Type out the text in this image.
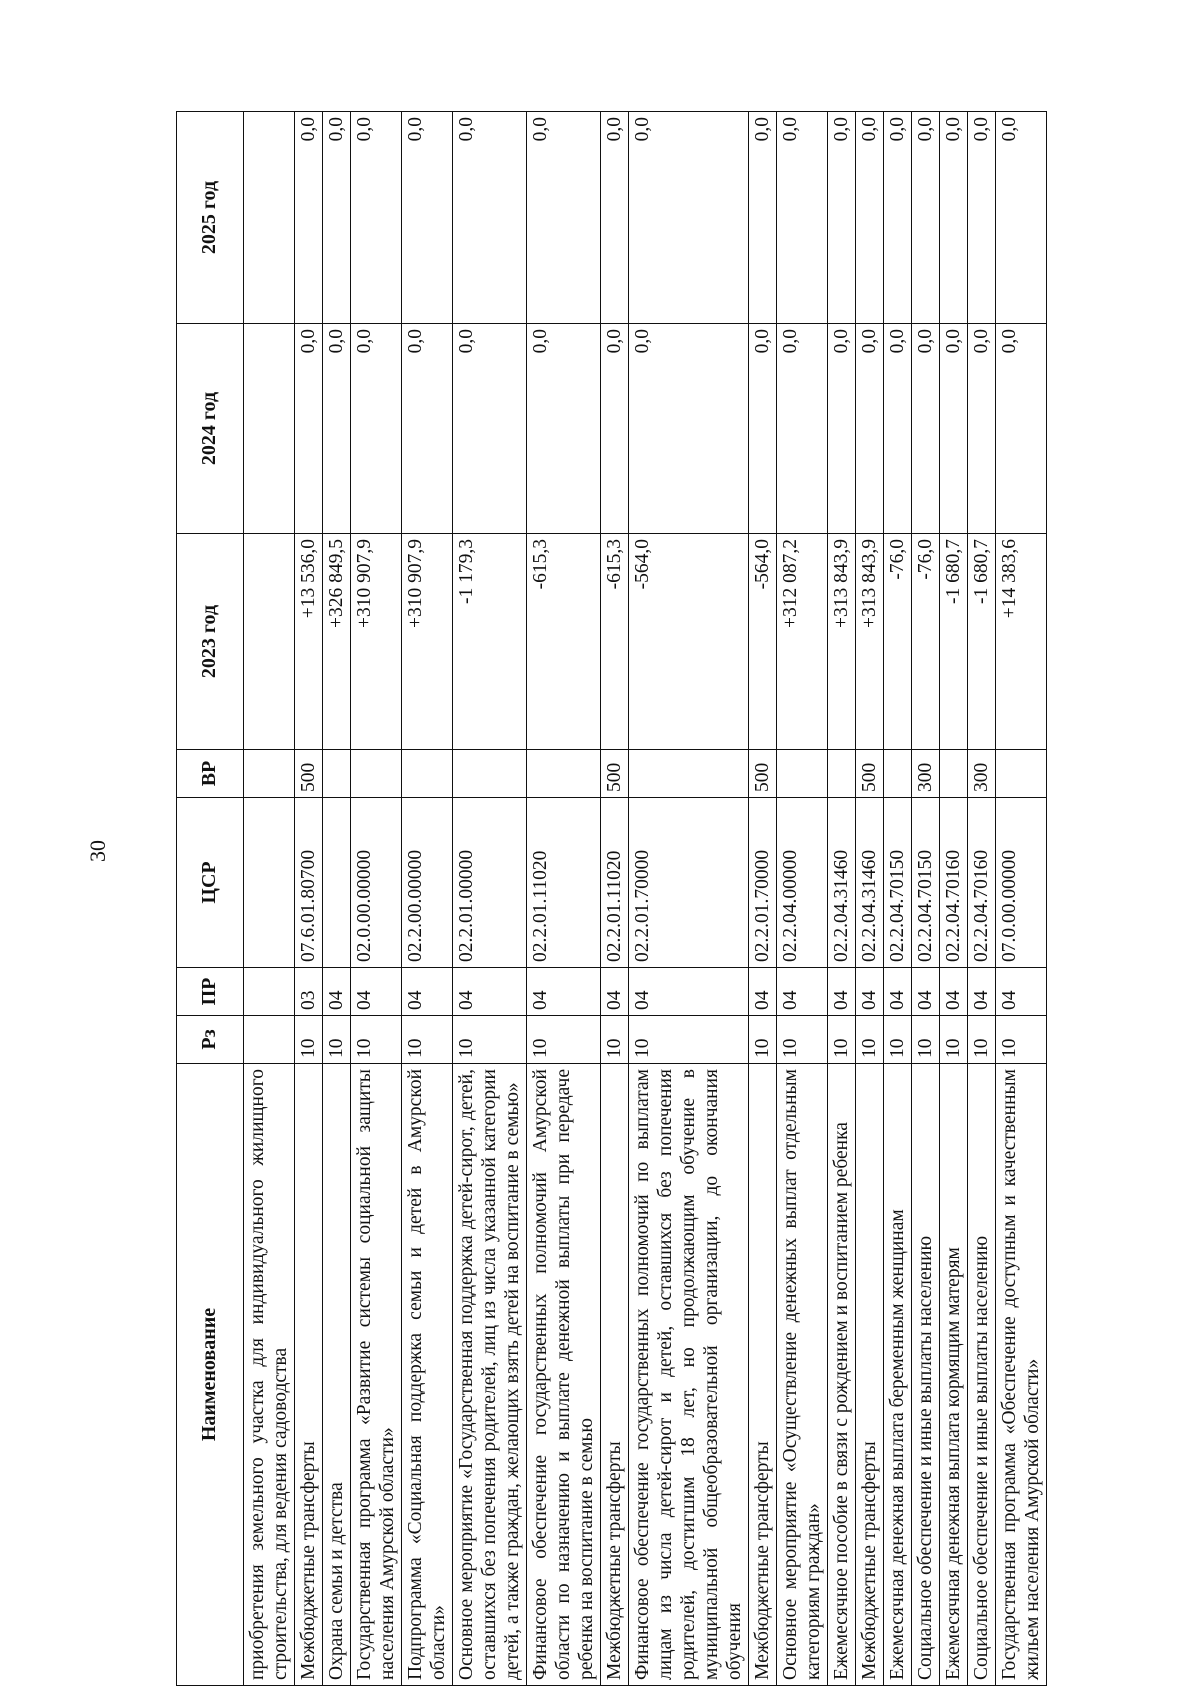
30
Наименование	Рз	ПР	ЦСР	ВР	2023 год	2024 год	2025 год
приобретения земельного участка для индивидуального жилищного строительства, для ведения садоводства							
Межбюджетные трансферты	10	03	07.6.01.80700	500	+13 536,0	0,0	0,0
Охрана семьи и детства	10	04			+326 849,5	0,0	0,0
Государственная программа «Развитие системы социальной защиты населения Амурской области»	10	04	02.0.00.00000		+310 907,9	0,0	0,0
Подпрограмма «Социальная поддержка семьи и детей в Амурской области»	10	04	02.2.00.00000		+310 907,9	0,0	0,0
Основное мероприятие «Государственная поддержка детей-сирот, детей, оставшихся без попечения родителей, лиц из числа указанной категории детей, а также граждан, желающих взять детей на воспитание в семью»	10	04	02.2.01.00000		-1 179,3	0,0	0,0
Финансовое обеспечение государственных полномочий Амурской области по назначению и выплате денежной выплаты при передаче ребенка на воспитание в семью	10	04	02.2.01.11020		-615,3	0,0	0,0
Межбюджетные трансферты	10	04	02.2.01.11020	500	-615,3	0,0	0,0
Финансовое обеспечение государственных полномочий по выплатам лицам из числа детей-сирот и детей, оставшихся без попечения родителей, достигшим 18 лет, но продолжающим обучение в муниципальной общеобразовательной организации, до окончания обучения	10	04	02.2.01.70000		-564,0	0,0	0,0
Межбюджетные трансферты	10	04	02.2.01.70000	500	-564,0	0,0	0,0
Основное мероприятие «Осуществление денежных выплат отдельным категориям граждан»	10	04	02.2.04.00000		+312 087,2	0,0	0,0
Ежемесячное пособие в связи с рождением и воспитанием ребенка	10	04	02.2.04.31460		+313 843,9	0,0	0,0
Межбюджетные трансферты	10	04	02.2.04.31460	500	+313 843,9	0,0	0,0
Ежемесячная денежная выплата беременным женщинам	10	04	02.2.04.70150		-76,0	0,0	0,0
Социальное обеспечение и иные выплаты населению	10	04	02.2.04.70150	300	-76,0	0,0	0,0
Ежемесячная денежная выплата кормящим матерям	10	04	02.2.04.70160		-1 680,7	0,0	0,0
Социальное обеспечение и иные выплаты населению	10	04	02.2.04.70160	300	-1 680,7	0,0	0,0
Государственная программа «Обеспечение доступным и качественным жильем населения Амурской области»	10	04	07.0.00.00000		+14 383,6	0,0	0,0
